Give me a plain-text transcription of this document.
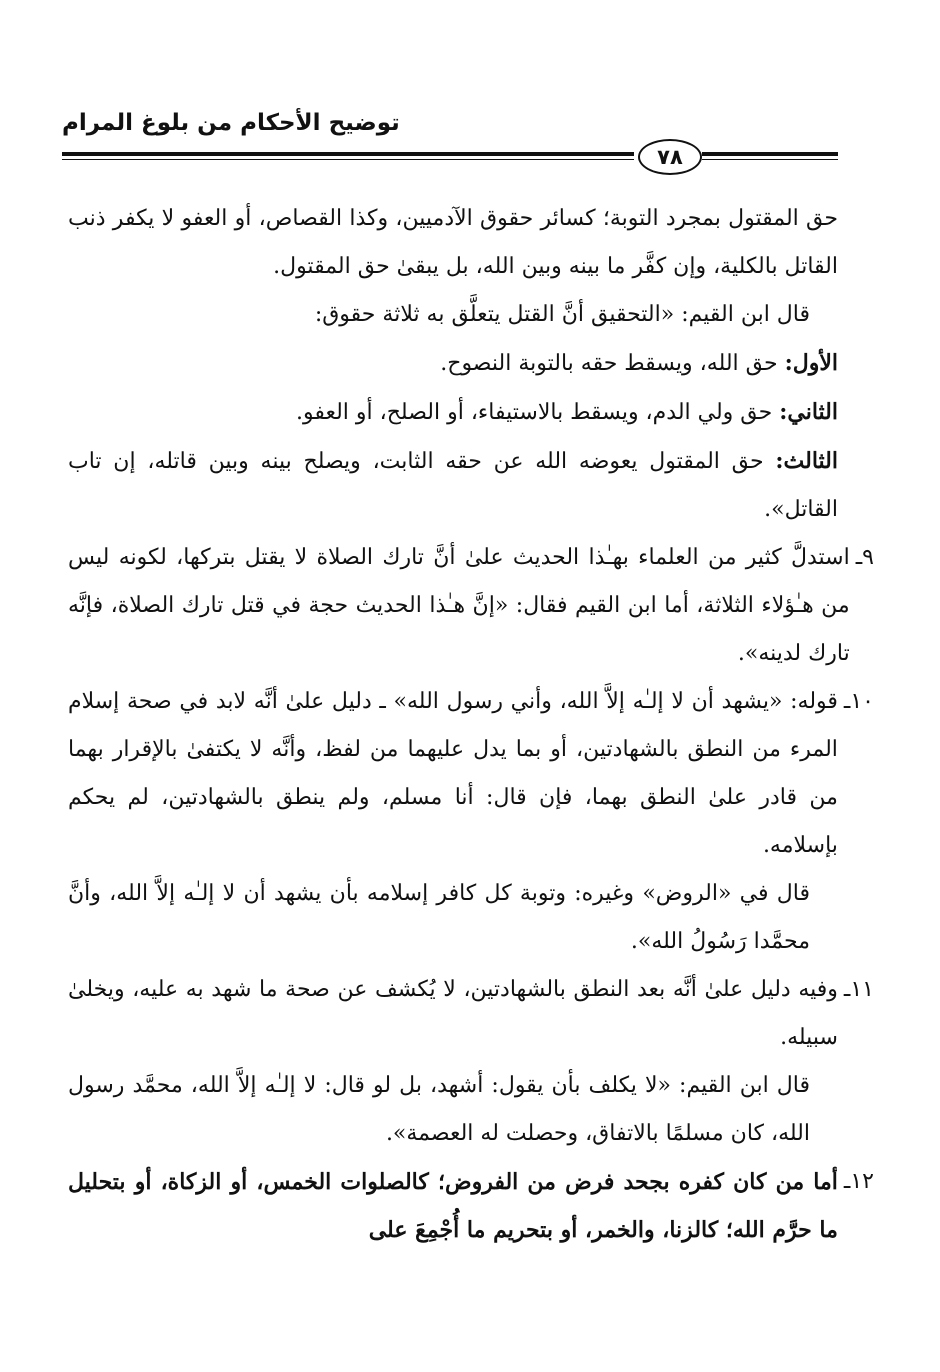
توضيح الأحكام من بلوغ المرام
٧٨

حق المقتول بمجرد التوبة؛ كسائر حقوق الآدميين، وكذا القصاص، أو العفو لا يكفر ذنب القاتل بالكلية، وإن كفَّر ما بينه وبين الله، بل يبقىٰ حق المقتول.

قال ابن القيم: «التحقيق أنَّ القتل يتعلَّق به ثلاثة حقوق:

الأول: حق الله، ويسقط حقه بالتوبة النصوح.

الثاني: حق ولي الدم، ويسقط بالاستيفاء، أو الصلح، أو العفو.

الثالث: حق المقتول يعوضه الله عن حقه الثابت، ويصلح بينه وبين قاتله، إن تاب القاتل».

٩ـ
استدلَّ كثير من العلماء بهـٰذا الحديث علىٰ أنَّ تارك الصلاة لا يقتل بتركها، لكونه ليس من هـٰؤلاء الثلاثة، أما ابن القيم فقال: «إنَّ هـٰذا الحديث حجة في قتل تارك الصلاة، فإنَّه تارك لدينه».
١٠ـ
قوله: «يشهد أن لا إلـٰه إلاَّ الله، وأني رسول الله» ـ دليل علىٰ أنَّه لابد في صحة إسلام المرء من النطق بالشهادتين، أو بما يدل عليهما من لفظ، وأنَّه لا يكتفىٰ بالإقرار بهما من قادر علىٰ النطق بهما، فإن قال: أنا مسلم، ولم ينطق بالشهادتين، لم يحكم بإسلامه.

قال في «الروض» وغيره: وتوبة كل كافر إسلامه بأن يشهد أن لا إلـٰه إلاَّ الله، وأنَّ محمَّدا رَسُولُ الله».

١١ـ
وفيه دليل علىٰ أنَّه بعد النطق بالشهادتين، لا يُكشف عن صحة ما شهد به عليه، ويخلىٰ سبيله.

قال ابن القيم: «لا يكلف بأن يقول: أشهد، بل لو قال: لا إلـٰه إلاَّ الله، محمَّد رسول الله، كان مسلمًا بالاتفاق، وحصلت له العصمة».

١٢ـ
أما من كان كفره بجحد فرض من الفروض؛ كالصلوات الخمس، أو الزكاة، أو بتحليل ما حرَّم الله؛ كالزنا، والخمر، أو بتحريم ما أُجْمِعَ على
